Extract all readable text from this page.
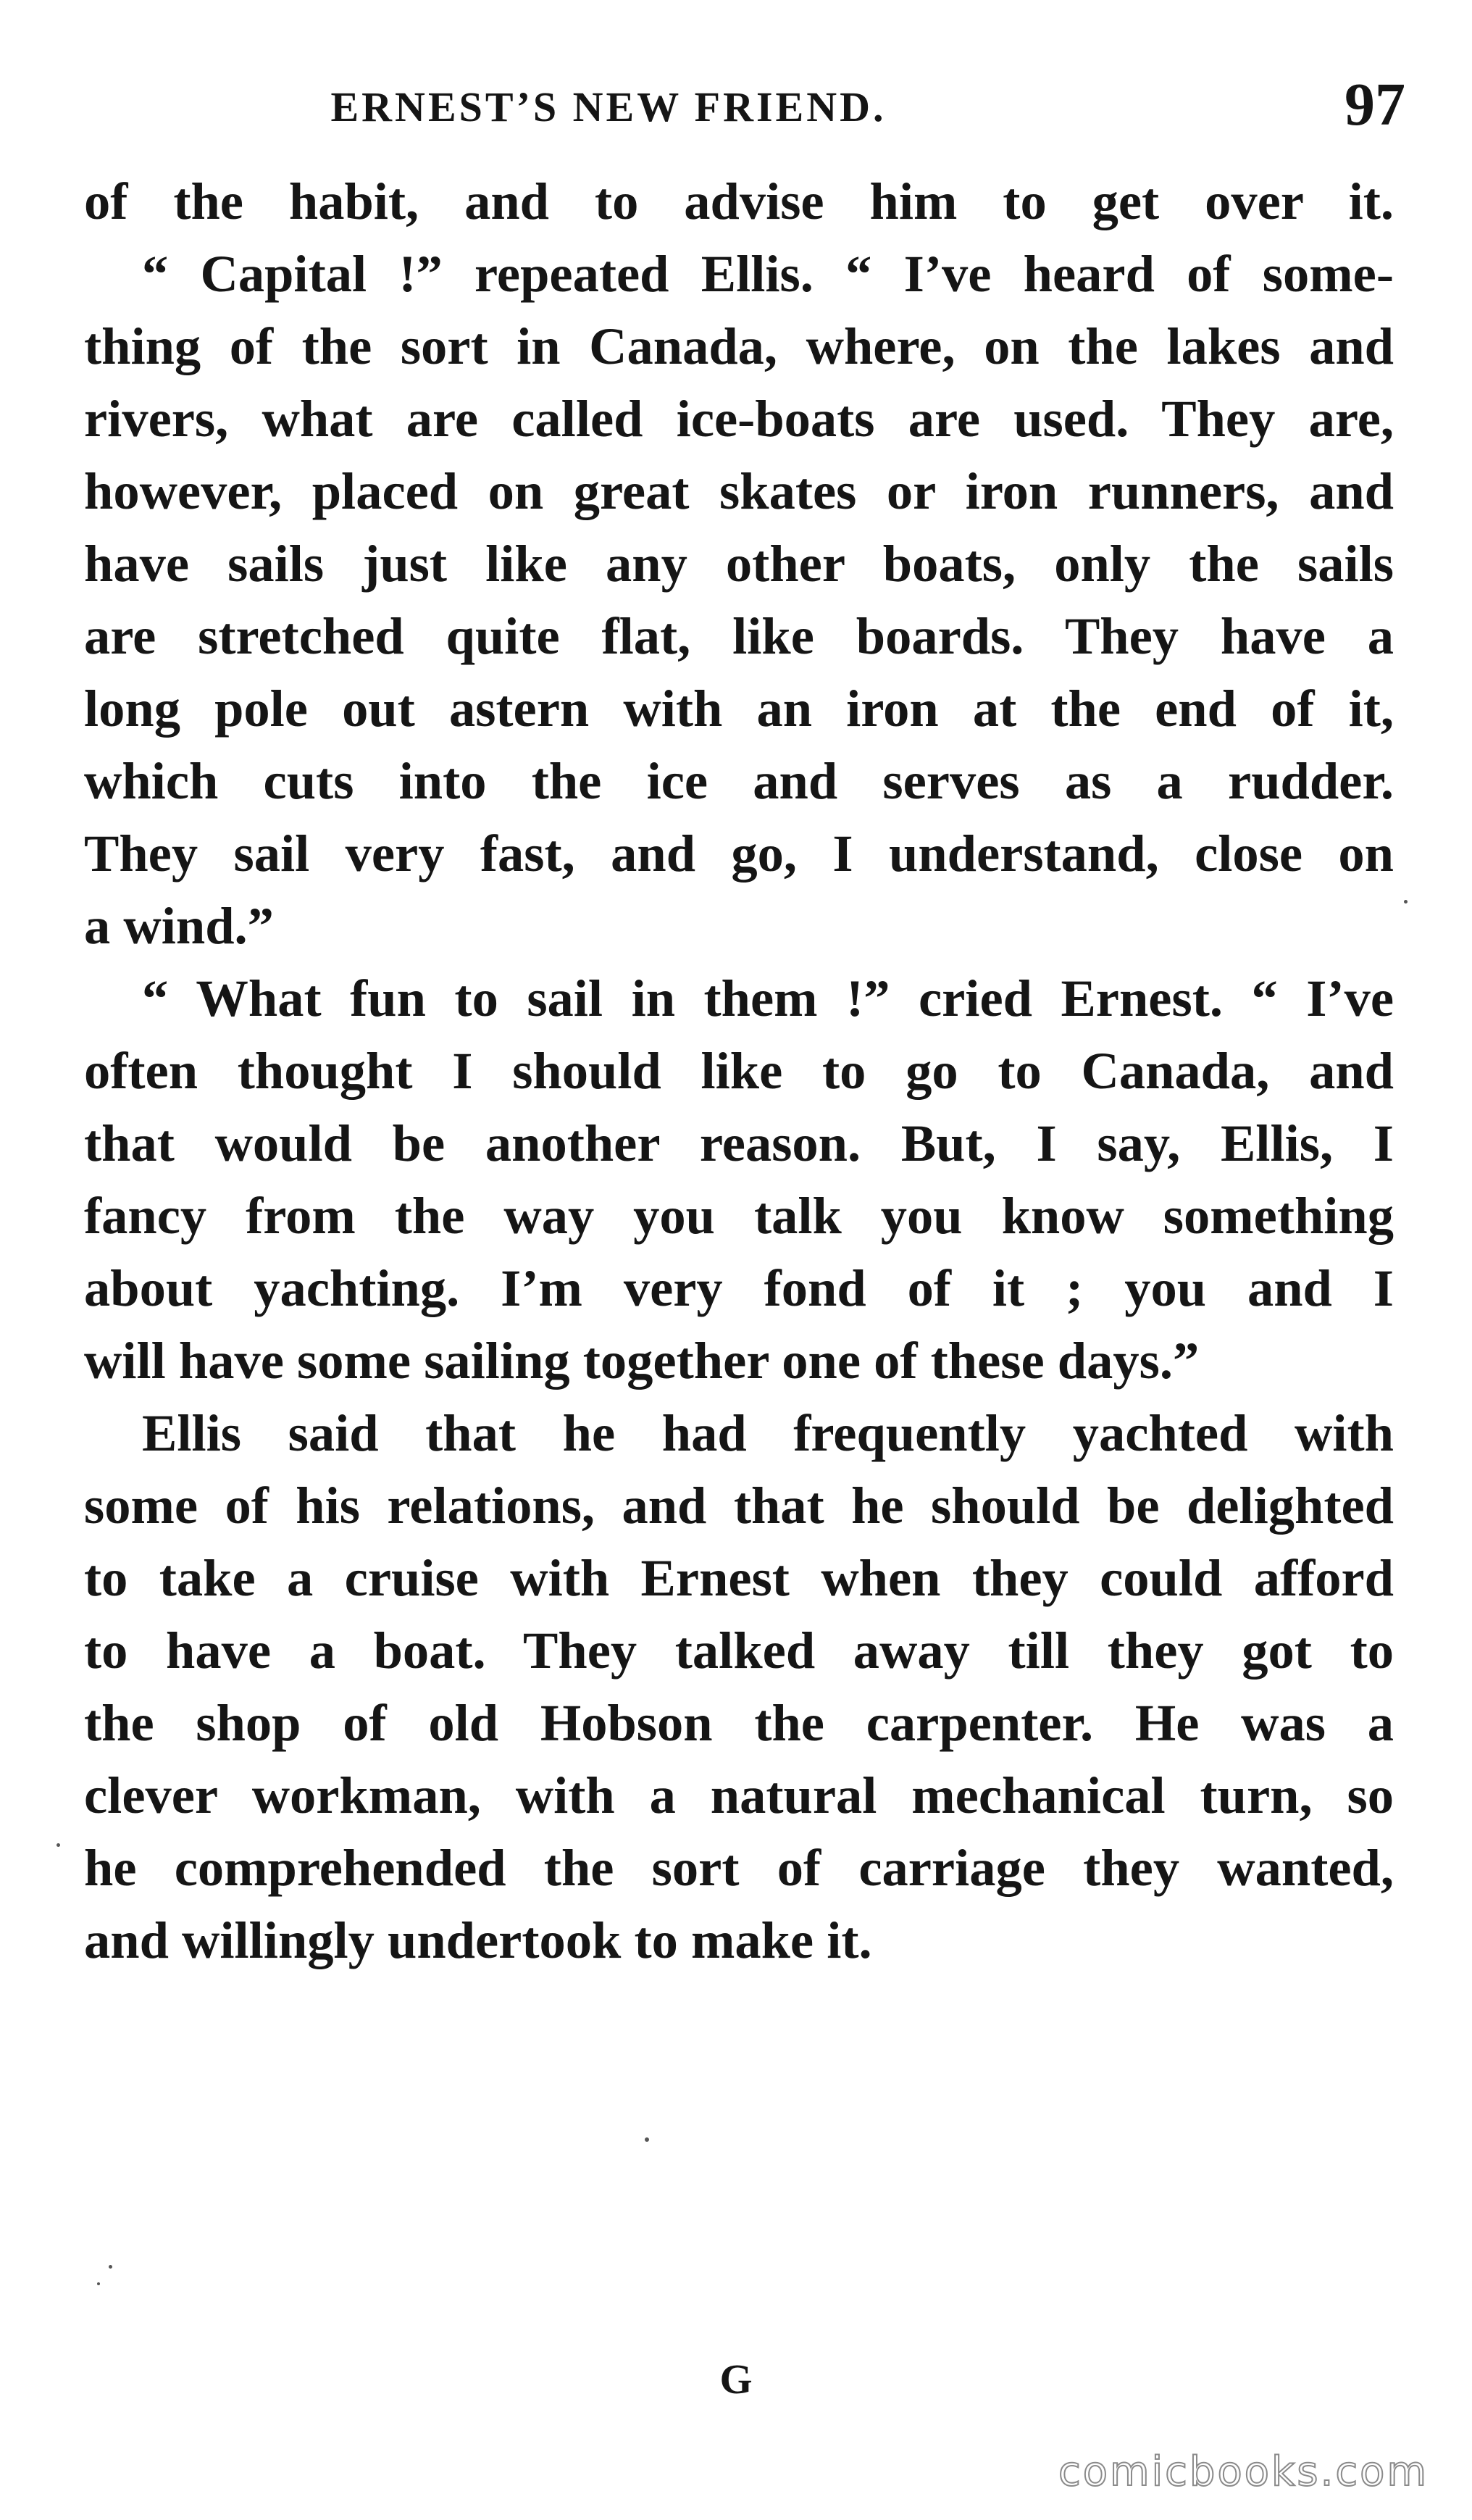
ERNEST’S NEW FRIEND.	97
of the habit, and to advise him to get over it.
“ Capital !” repeated Ellis. “ I’ve heard of some-
thing of the sort in Canada, where, on the lakes and
rivers, what are called ice-boats are used. They are,
however, placed on great skates or iron runners, and
have sails just like any other boats, only the sails
are stretched quite flat, like boards. They have a
long pole out astern with an iron at the end of it,
which cuts into the ice and serves as a rudder.
They sail very fast, and go, I understand, close on
a wind.”
“ What fun to sail in them !” cried Ernest. “ I’ve
often thought I should like to go to Canada, and
that would be another reason. But, I say, Ellis, I
fancy from the way you talk you know something
about yachting. I’m very fond of it ; you and I
will have some sailing together one of these days.”
Ellis said that he had frequently yachted with
some of his relations, and that he should be delighted
to take a cruise with Ernest when they could afford
to have a boat. They talked away till they got to
the shop of old Hobson the carpenter. He was a
clever workman, with a natural mechanical turn, so
he comprehended the sort of carriage they wanted,
and willingly undertook to make it.
G
comicbooks.com
